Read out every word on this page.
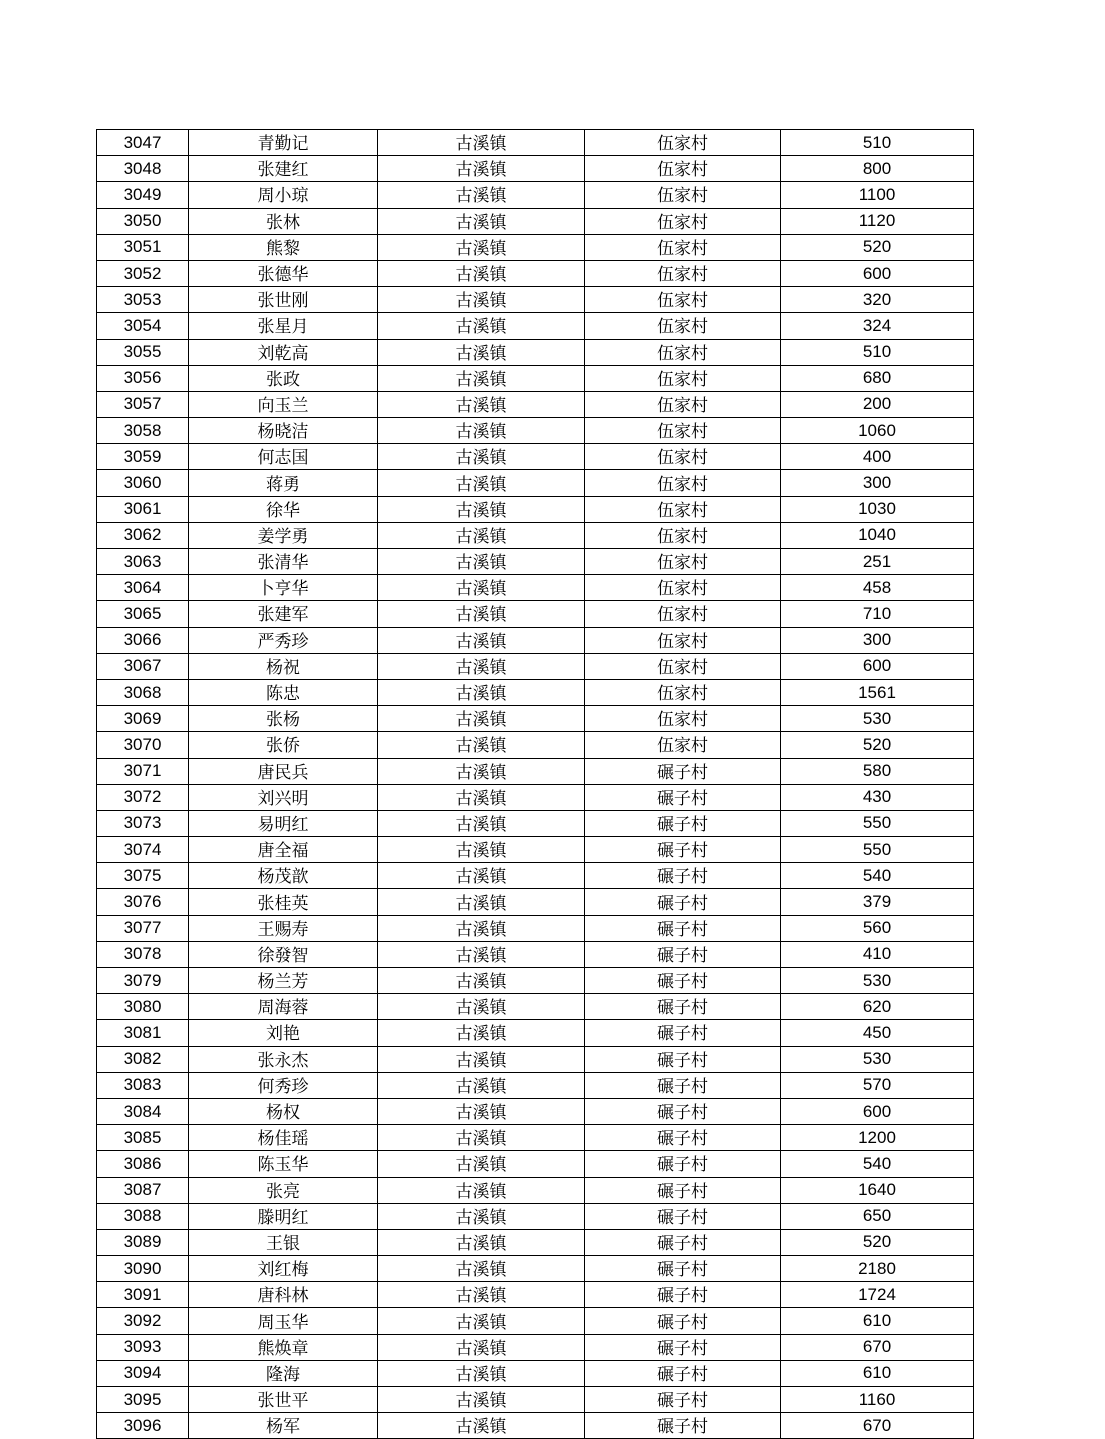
3047	青勤记	古溪镇	伍家村	510
3048	张建红	古溪镇	伍家村	800
3049	周小琼	古溪镇	伍家村	1100
3050	张林	古溪镇	伍家村	1120
3051	熊黎	古溪镇	伍家村	520
3052	张德华	古溪镇	伍家村	600
3053	张世刚	古溪镇	伍家村	320
3054	张星月	古溪镇	伍家村	324
3055	刘乾高	古溪镇	伍家村	510
3056	张政	古溪镇	伍家村	680
3057	向玉兰	古溪镇	伍家村	200
3058	杨晓洁	古溪镇	伍家村	1060
3059	何志国	古溪镇	伍家村	400
3060	蒋勇	古溪镇	伍家村	300
3061	徐华	古溪镇	伍家村	1030
3062	姜学勇	古溪镇	伍家村	1040
3063	张清华	古溪镇	伍家村	251
3064	卜亨华	古溪镇	伍家村	458
3065	张建军	古溪镇	伍家村	710
3066	严秀珍	古溪镇	伍家村	300
3067	杨祝	古溪镇	伍家村	600
3068	陈忠	古溪镇	伍家村	1561
3069	张杨	古溪镇	伍家村	530
3070	张侨	古溪镇	伍家村	520
3071	唐民兵	古溪镇	碾子村	580
3072	刘兴明	古溪镇	碾子村	430
3073	易明红	古溪镇	碾子村	550
3074	唐全福	古溪镇	碾子村	550
3075	杨茂歆	古溪镇	碾子村	540
3076	张桂英	古溪镇	碾子村	379
3077	王赐寿	古溪镇	碾子村	560
3078	徐發智	古溪镇	碾子村	410
3079	杨兰芳	古溪镇	碾子村	530
3080	周海蓉	古溪镇	碾子村	620
3081	刘艳	古溪镇	碾子村	450
3082	张永杰	古溪镇	碾子村	530
3083	何秀珍	古溪镇	碾子村	570
3084	杨权	古溪镇	碾子村	600
3085	杨佳瑶	古溪镇	碾子村	1200
3086	陈玉华	古溪镇	碾子村	540
3087	张亮	古溪镇	碾子村	1640
3088	滕明红	古溪镇	碾子村	650
3089	王银	古溪镇	碾子村	520
3090	刘红梅	古溪镇	碾子村	2180
3091	唐科林	古溪镇	碾子村	1724
3092	周玉华	古溪镇	碾子村	610
3093	熊焕章	古溪镇	碾子村	670
3094	隆海	古溪镇	碾子村	610
3095	张世平	古溪镇	碾子村	1160
3096	杨军	古溪镇	碾子村	670
